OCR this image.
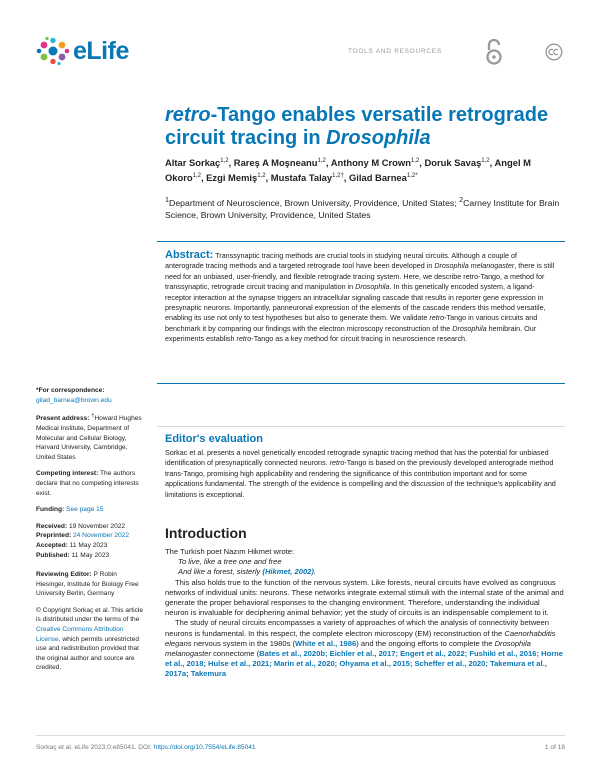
eLife	TOOLS AND RESOURCES
retro-Tango enables versatile retrograde circuit tracing in Drosophila
Altar Sorkaç$^{1,2}$, Rareş A Moşneanu$^{1,2}$, Anthony M Crown$^{1,2}$, Doruk Savaş$^{1,2}$, Angel M Okoro$^{1,2}$, Ezgi Memiş$^{1,2}$, Mustafa Talay$^{1,2\dagger}$, Gilad Barnea$^{1,2*}$
$^1$Department of Neuroscience, Brown University, Providence, United States; $^2$Carney Institute for Brain Science, Brown University, Providence, United States
Abstract: Transsynaptic tracing methods are crucial tools in studying neural circuits. Although a couple of anterograde tracing methods and a targeted retrograde tool have been developed in Drosophila melanogaster, there is still need for an unbiased, user-friendly, and flexible retrograde tracing system. Here, we describe retro-Tango, a method for transsynaptic, retrograde circuit tracing and manipulation in Drosophila. In this genetically encoded system, a ligand-receptor interaction at the synapse triggers an intracellular signaling cascade that results in reporter gene expression in presynaptic neurons. Importantly, panneuronal expression of the elements of the cascade renders this method versatile, enabling its use not only to test hypotheses but also to generate them. We validate retro-Tango in various circuits and benchmark it by comparing our findings with the electron microscopy reconstruction of the Drosophila hemibrain. Our experiments establish retro-Tango as a key method for circuit tracing in neuroscience research.
Editor's evaluation
Sorkac et al. presents a novel genetically encoded retrograde synaptic tracing method that has the potential for unbiased identification of presynaptically connected neurons. retro-Tango is based on the previously developed anterograde method trans-Tango, promising high applicability and rendering the significance of this contribution important and for some applications fundamental. The strength of the evidence is compelling and the discussion of the technique's applicability and limitations is exceptional.

*For correspondence:
gilad_barnea@brown.edu

Present address: †Howard Hughes Medical Institute, Department of Molecular and Cellular Biology, Harvard University, Cambridge, United States

Competing interest: The authors declare that no competing interests exist.

Funding: See page 15

Received: 19 November 2022
Preprinted: 24 November 2022
Accepted: 11 May 2023
Published: 11 May 2023

Reviewing Editor: P Robin Hiesinger, Institute for Biology Free University Berlin, Germany

© Copyright Sorkaç et al. This article is distributed under the terms of the Creative Commons Attribution License, which permits unrestricted use and redistribution provided that the original author and source are credited.

Introduction

The Turkish poet Nazım Hikmet wrote:

To live, like a tree one and free

And like a forest, sisterly (Hikmet, 2002).

This also holds true to the function of the nervous system. Like forests, neural circuits have evolved as congruous networks of individual units: neurons. These networks integrate external stimuli with the internal state of the animal and generate the proper behavioral responses to the changing environment. Therefore, understanding the individual neuron is invaluable for deciphering animal behavior; yet the study of circuits is an indispensable complement to it.

The study of neural circuits encompasses a variety of approaches of which the analysis of connectivity between neurons is fundamental. In this respect, the complete electron microscopy (EM) reconstruction of the Caenorhabditis elegans nervous system in the 1980s (White et al., 1986) and the ongoing efforts to complete the Drosophila melanogaster connectome (Bates et al., 2020b; Eichler et al., 2017; Engert et al., 2022; Fushiki et al., 2016; Horne et al., 2018; Hulse et al., 2021; Marin et al., 2020; Ohyama et al., 2015; Scheffer et al., 2020; Takemura et al., 2017a; Takemura

Sorkaç et al. eLife 2023;0:e85041. DOI: https://doi.org/10.7554/eLife.85041	1 of 18
